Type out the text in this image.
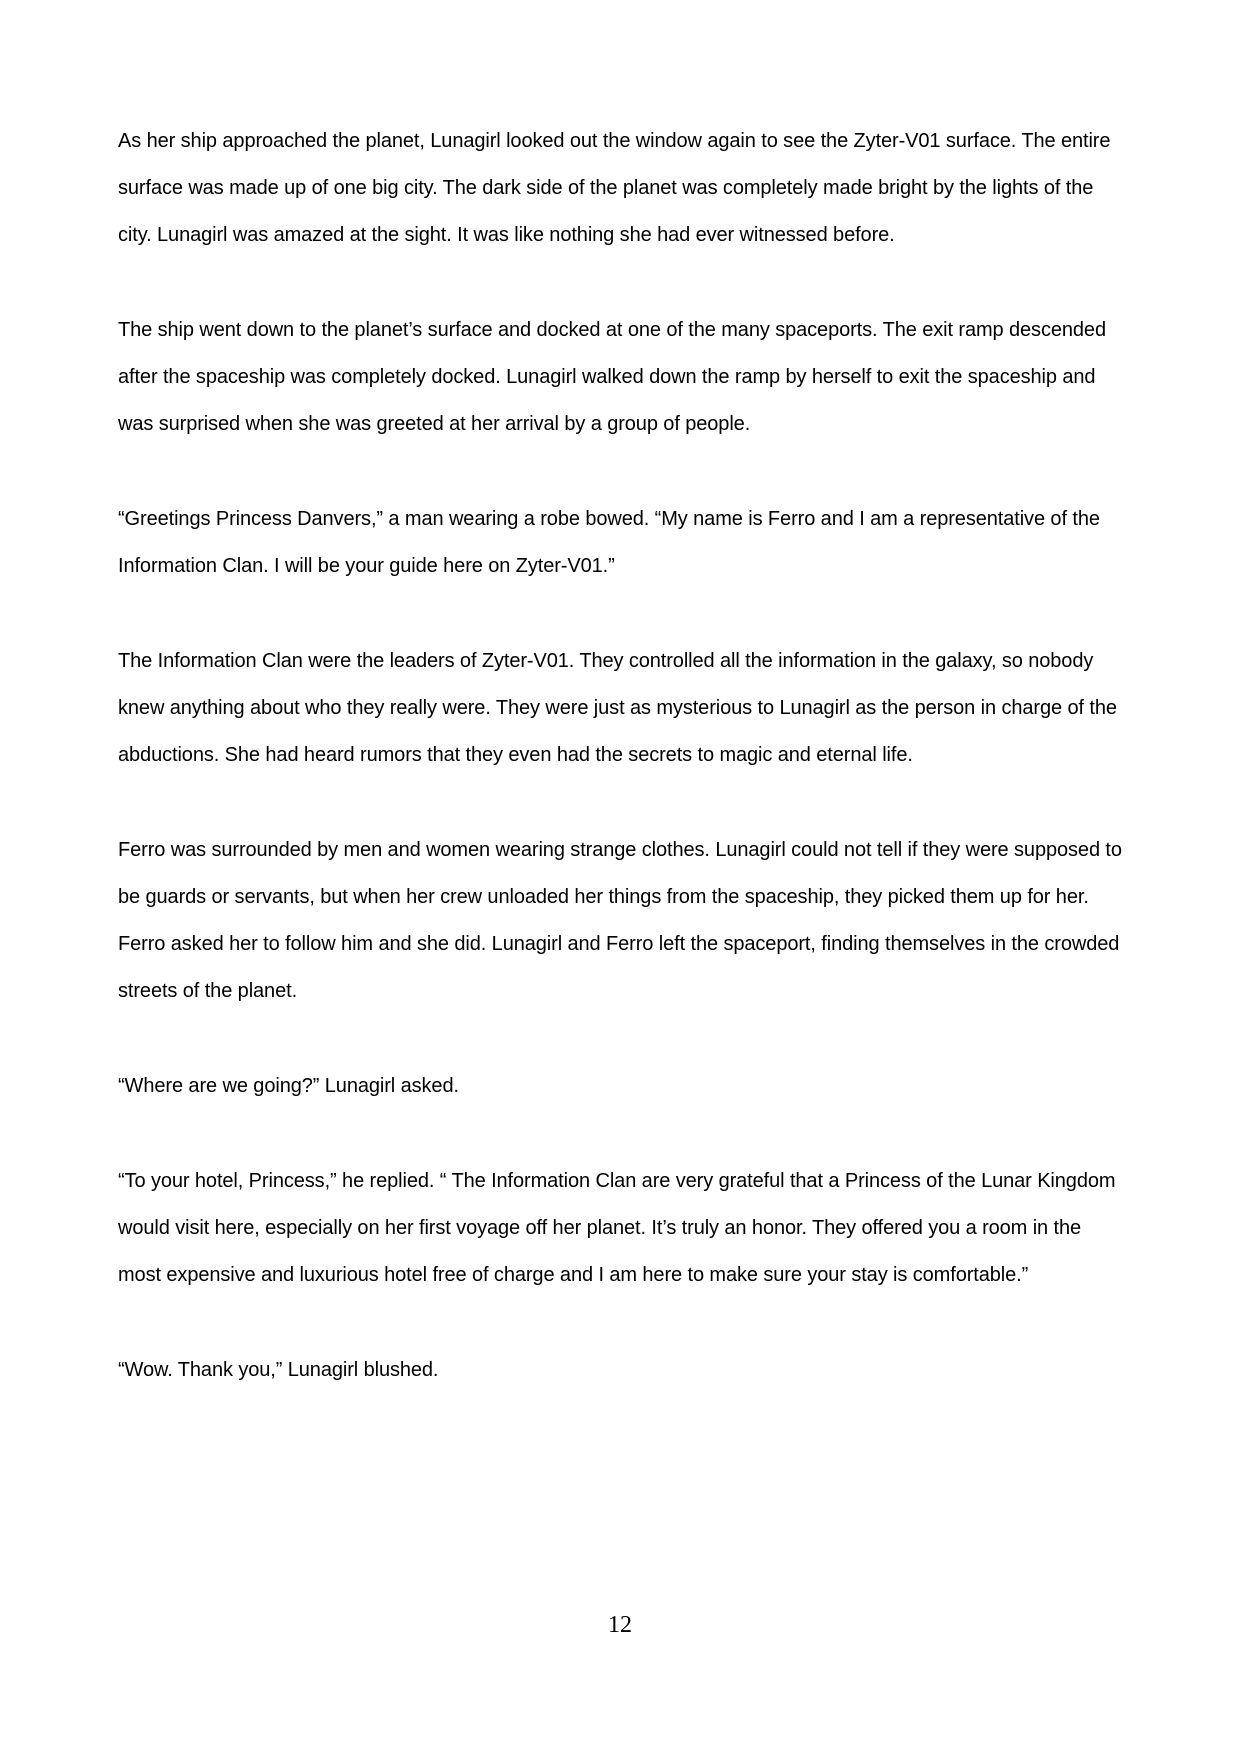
As her ship approached the planet, Lunagirl looked out the window again to see the Zyter-V01 surface. The entire surface was made up of one big city. The dark side of the planet was completely made bright by the lights of the city. Lunagirl was amazed at the sight. It was like nothing she had ever witnessed before.

The ship went down to the planet’s surface and docked at one of the many spaceports. The exit ramp descended after the spaceship was completely docked. Lunagirl walked down the ramp by herself to exit the spaceship and was surprised when she was greeted at her arrival by a group of people.

“Greetings Princess Danvers,” a man wearing a robe bowed. “My name is Ferro and I am a representative of the Information Clan. I will be your guide here on Zyter-V01.”

The Information Clan were the leaders of Zyter-V01. They controlled all the information in the galaxy, so nobody knew anything about who they really were. They were just as mysterious to Lunagirl as the person in charge of the abductions. She had heard rumors that they even had the secrets to magic and eternal life.

Ferro was surrounded by men and women wearing strange clothes. Lunagirl could not tell if they were supposed to be guards or servants, but when her crew unloaded her things from the spaceship, they picked them up for her. Ferro asked her to follow him and she did. Lunagirl and Ferro left the spaceport, finding themselves in the crowded streets of the planet.

“Where are we going?” Lunagirl asked.

“To your hotel, Princess,” he replied. “ The Information Clan are very grateful that a Princess of the Lunar Kingdom would visit here, especially on her first voyage off her planet. It’s truly an honor. They offered you a room in the most expensive and luxurious hotel free of charge and I am here to make sure your stay is comfortable.”

“Wow. Thank you,” Lunagirl blushed.

12
